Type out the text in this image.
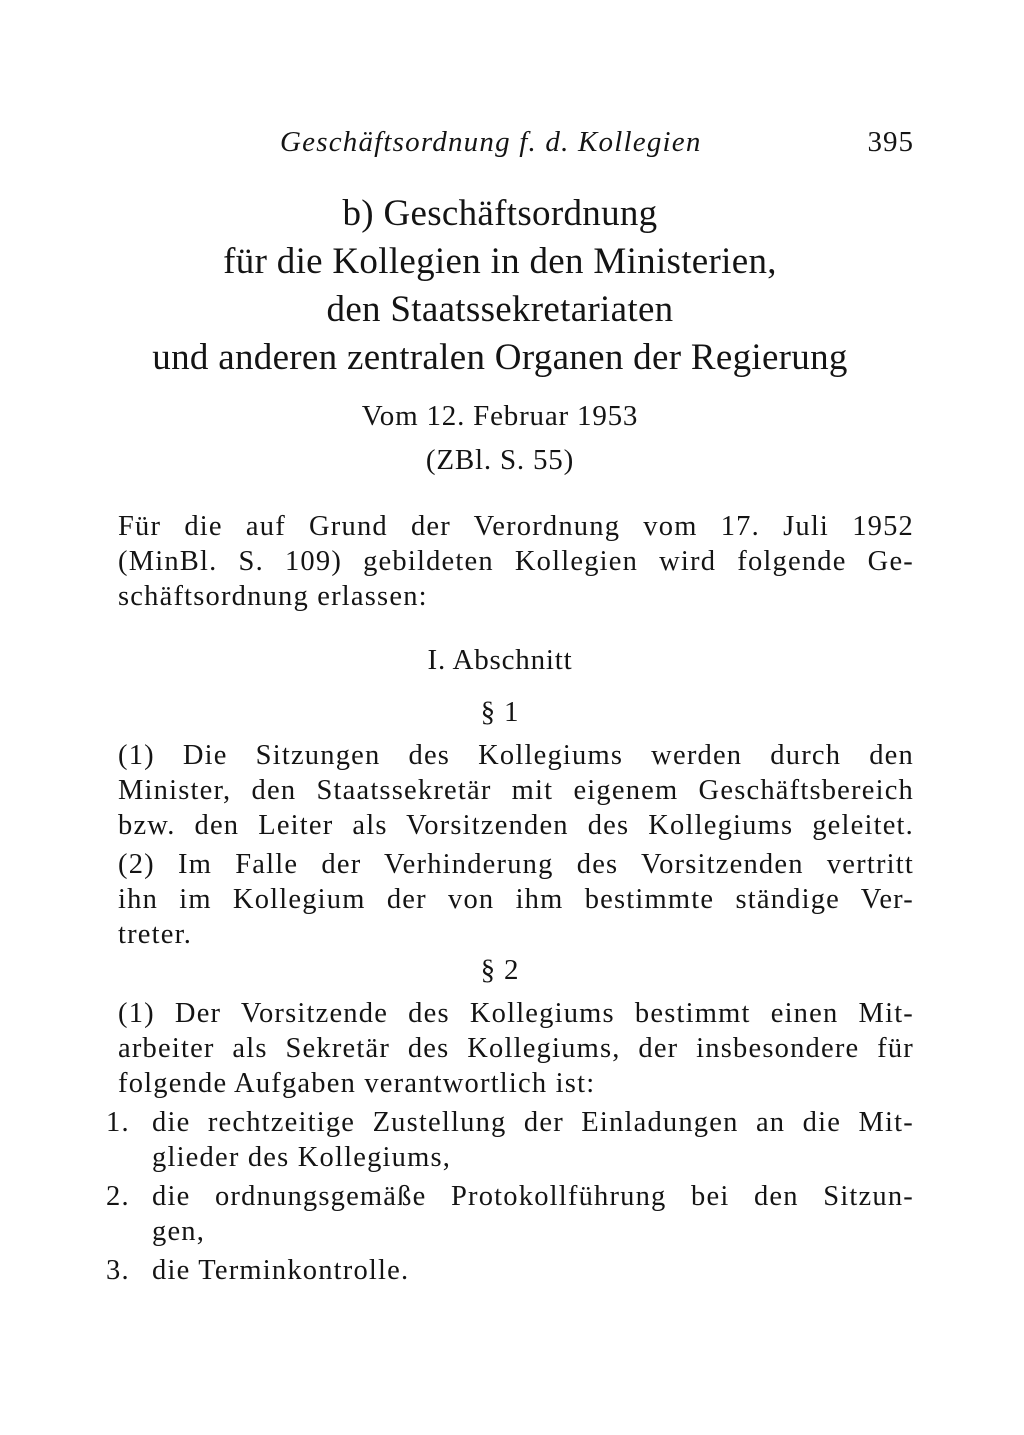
Geschäftsordnung f. d. Kollegien	395
b) Geschäftsordnung
für die Kollegien in den Ministerien,
den Staatssekretariaten
und anderen zentralen Organen der Regierung
Vom 12. Februar 1953
(ZBl. S. 55)
Für die auf Grund der Verordnung vom 17. Juli 1952
(MinBl. S. 109) gebildeten Kollegien wird folgende Ge-
schäftsordnung erlassen:
I. Abschnitt
§ 1
(1) Die Sitzungen des Kollegiums werden durch den
Minister, den Staatssekretär mit eigenem Geschäftsbereich
bzw. den Leiter als Vorsitzenden des Kollegiums geleitet.
(2) Im Falle der Verhinderung des Vorsitzenden vertritt
ihn im Kollegium der von ihm bestimmte ständige Ver-
treter.
§ 2
(1) Der Vorsitzende des Kollegiums bestimmt einen Mit-
arbeiter als Sekretär des Kollegiums, der insbesondere für
folgende Aufgaben verantwortlich ist:
1. die rechtzeitige Zustellung der Einladungen an die Mit-
glieder des Kollegiums,
2. die ordnungsgemäße Protokollführung bei den Sitzun-
gen,
3. die Terminkontrolle.
